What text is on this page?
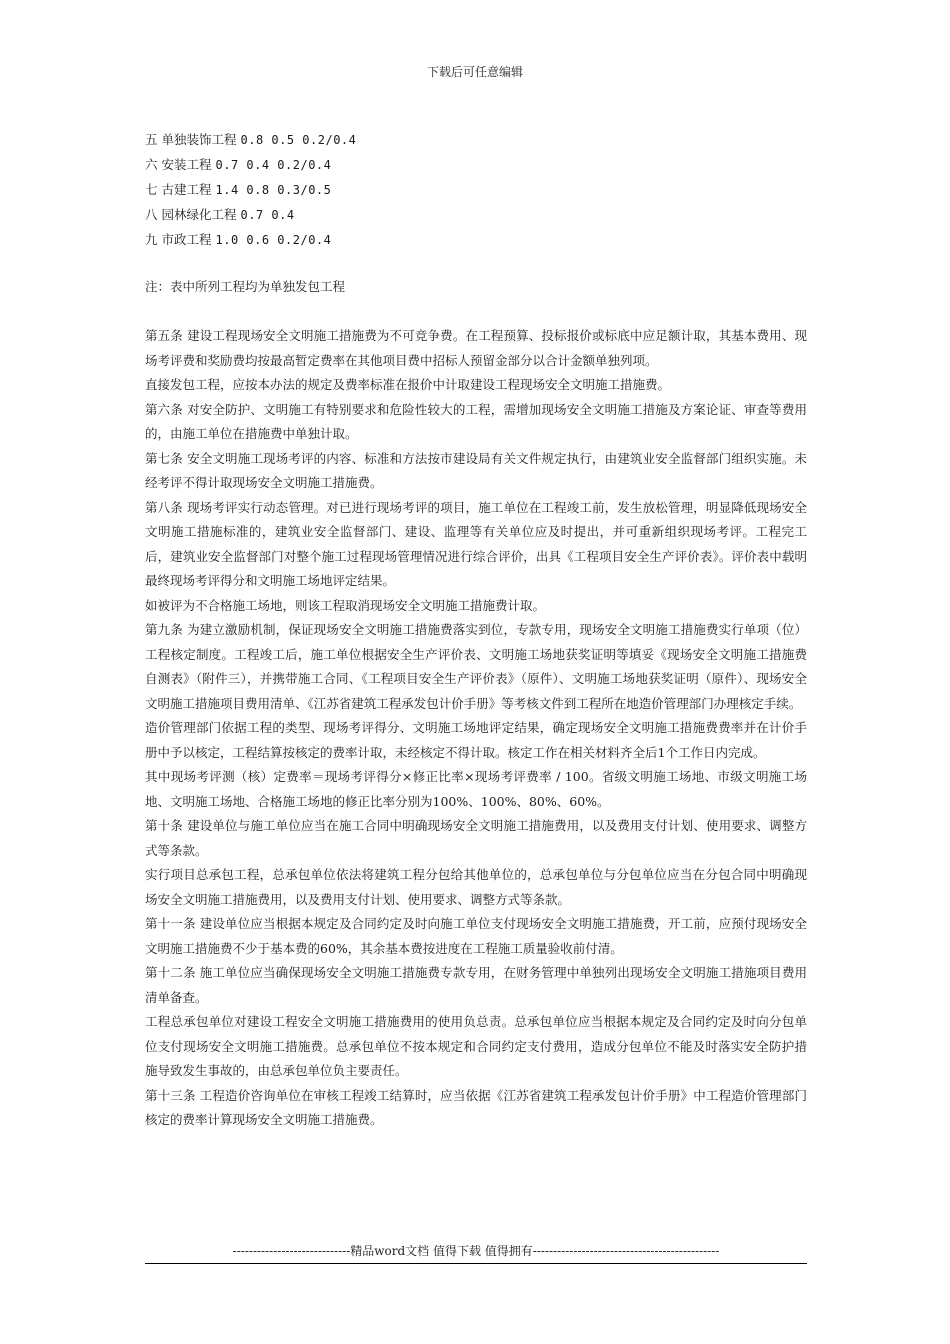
下载后可任意编辑
五 单独装饰工程 0.8 0.5 0.2/0.4
六 安装工程 0.7 0.4 0.2/0.4
七 古建工程 1.4 0.8 0.3/0.5
八 园林绿化工程 0.7 0.4
九 市政工程 1.0 0.6 0.2/0.4
注：表中所列工程均为单独发包工程

第五条 建设工程现场安全文明施工措施费为不可竞争费。在工程预算、投标报价或标底中应足额计取，其基本费用、现场考评费和奖励费均按最高暂定费率在其他项目费中招标人预留金部分以合计金额单独列项。

直接发包工程，应按本办法的规定及费率标准在报价中计取建设工程现场安全文明施工措施费。

第六条 对安全防护、文明施工有特别要求和危险性较大的工程，需增加现场安全文明施工措施及方案论证、审查等费用的，由施工单位在措施费中单独计取。

第七条 安全文明施工现场考评的内容、标准和方法按市建设局有关文件规定执行，由建筑业安全监督部门组织实施。未经考评不得计取现场安全文明施工措施费。

第八条 现场考评实行动态管理。对已进行现场考评的项目，施工单位在工程竣工前，发生放松管理，明显降低现场安全文明施工措施标准的，建筑业安全监督部门、建设、监理等有关单位应及时提出，并可重新组织现场考评。工程完工后，建筑业安全监督部门对整个施工过程现场管理情况进行综合评价，出具《工程项目安全生产评价表》。评价表中载明最终现场考评得分和文明施工场地评定结果。

如被评为不合格施工场地，则该工程取消现场安全文明施工措施费计取。

第九条 为建立激励机制，保证现场安全文明施工措施费落实到位，专款专用，现场安全文明施工措施费实行单项（位）工程核定制度。工程竣工后，施工单位根据安全生产评价表、文明施工场地获奖证明等填妥《现场安全文明施工措施费自测表》（附件三），并携带施工合同、《工程项目安全生产评价表》（原件）、文明施工场地获奖证明（原件）、现场安全文明施工措施项目费用清单、《江苏省建筑工程承发包计价手册》等考核文件到工程所在地造价管理部门办理核定手续。

造价管理部门依据工程的类型、现场考评得分、文明施工场地评定结果，确定现场安全文明施工措施费费率并在计价手册中予以核定，工程结算按核定的费率计取，未经核定不得计取。核定工作在相关材料齐全后1个工作日内完成。

其中现场考评测（核）定费率＝现场考评得分×修正比率×现场考评费率 / 100。省级文明施工场地、市级文明施工场地、文明施工场地、合格施工场地的修正比率分别为100%、100%、80%、60%。

第十条 建设单位与施工单位应当在施工合同中明确现场安全文明施工措施费用，以及费用支付计划、使用要求、调整方式等条款。

实行项目总承包工程，总承包单位依法将建筑工程分包给其他单位的，总承包单位与分包单位应当在分包合同中明确现场安全文明施工措施费用，以及费用支付计划、使用要求、调整方式等条款。

第十一条 建设单位应当根据本规定及合同约定及时向施工单位支付现场安全文明施工措施费，开工前，应预付现场安全文明施工措施费不少于基本费的60%，其余基本费按进度在工程施工质量验收前付清。

第十二条 施工单位应当确保现场安全文明施工措施费专款专用，在财务管理中单独列出现场安全文明施工措施项目费用清单备查。

工程总承包单位对建设工程安全文明施工措施费用的使用负总责。总承包单位应当根据本规定及合同约定及时向分包单位支付现场安全文明施工措施费。总承包单位不按本规定和合同约定支付费用，造成分包单位不能及时落实安全防护措施导致发生事故的，由总承包单位负主要责任。

第十三条 工程造价咨询单位在审核工程竣工结算时，应当依据《江苏省建筑工程承发包计价手册》中工程造价管理部门核定的费率计算现场安全文明施工措施费。

-----------------------------精品word文档 值得下载 值得拥有----------------------------------------------
